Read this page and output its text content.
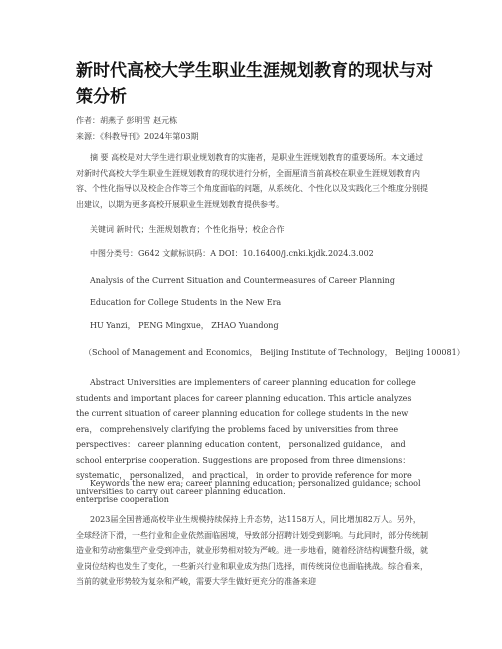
新时代高校大学生职业生涯规划教育的现状与对策分析
作者：胡燕子 彭明雪 赵元栋
来源：《科教导刊》2024年第03期

摘 要 高校是对大学生进行职业规划教育的实施者，是职业生涯规划教育的重要场所。本文通过对新时代高校大学生职业生涯规划教育的现状进行分析，全面厘清当前高校在职业生涯规划教育内容、个性化指导以及校企合作等三个角度面临的问题，从系统化、个性化以及实践化三个维度分别提出建议，以期为更多高校开展职业生涯规划教育提供参考。

关键词 新时代；生涯规划教育；个性化指导；校企合作
中图分类号：G642 文献标识码：A DOI：10.16400/j.cnki.kjdk.2024.3.002
Analysis of the Current Situation and Countermeasures of Career Planning
Education for College Students in the New Era
HU Yanzi， PENG Mingxue， ZHAO Yuandong
（School of Management and Economics， Beijing Institute of Technology， Beijing 100081）

Abstract Universities are implementers of career planning education for college students and important places for career planning education. This article analyzes the current situation of career planning education for college students in the new era， comprehensively clarifying the problems faced by universities from three perspectives： career planning education content， personalized guidance， and school enterprise cooperation. Suggestions are proposed from three dimensions： systematic， personalized， and practical， in order to provide reference for more universities to carry out career planning education.

Keywords the new era; career planning education; personalized guidance; school enterprise cooperation

2023届全国普通高校毕业生规模持续保持上升态势，达1158万人，同比增加82万人。另外，全球经济下滑，一些行业和企业依然面临困境，导致部分招聘计划受到影响。与此同时，部分传统制造业和劳动密集型产业受到冲击，就业形势相对较为严峻。进一步地看，随着经济结构调整升级，就业岗位结构也发生了变化，一些新兴行业和职业成为热门选择，而传统岗位也面临挑战。综合看来，当前的就业形势较为复杂和严峻，需要大学生做好更充分的准备来迎
